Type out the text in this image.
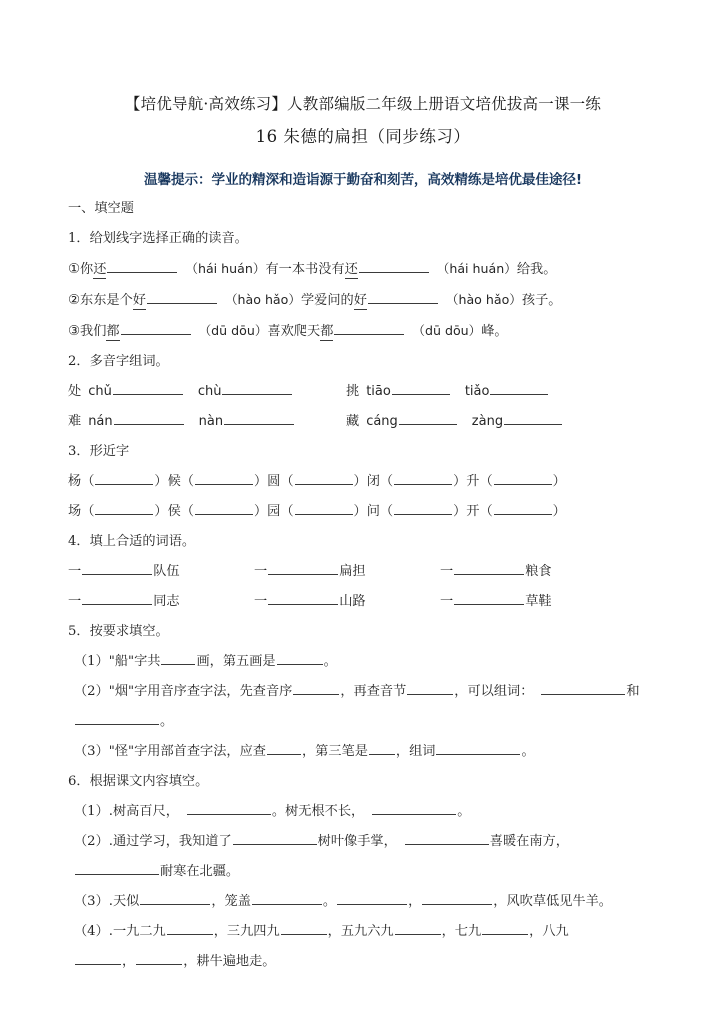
【培优导航·高效练习】人教部编版二年级上册语文培优拔高一课一练
16 朱德的扁担（同步练习）
温馨提示：学业的精深和造诣源于勤奋和刻苦，高效精练是培优最佳途径!
一、填空题
1．给划线字选择正确的读音。
①你还	（hái huán）有一本书没有还	（hái huán）给我。
②东东是个好	（hào hǎo）学爱问的好	（hào hǎo）孩子。
③我们都	（dū dōu）喜欢爬天都	（dū dōu）峰。
2．多音字组词。
处 chǔ	chù	挑 tiāo	tiǎo
难 nán	nàn	藏 cáng	zàng
3．形近字
杨（	）候（	）圆（	）闭（	）升（	）
场（	）侯（	）园（	）问（	）开（	）
4．填上合适的词语。
一	队伍	一	扁担	一	粮食
一	同志	一	山路	一	草鞋
5．按要求填空。
（1）"船"字共	画，第五画是	。
（2）"烟"字用音序查字法，先查音序	，再查音节	，可以组词：	和
。
（3）"怪"字用部首查字法，应查	，第三笔是 ，组词	。
6．根据课文内容填空。
（1）.树高百尺，	。树无根不长，	。
（2）.通过学习，我知道了	树叶像手掌，	喜暖在南方，耐寒在北疆。
（3）.天似	，笼盖	。	，	，风吹草低见牛羊。
（4）.一九二九	，三九四九	，五九六九	，七九	，八九
，	，耕牛遍地走。
